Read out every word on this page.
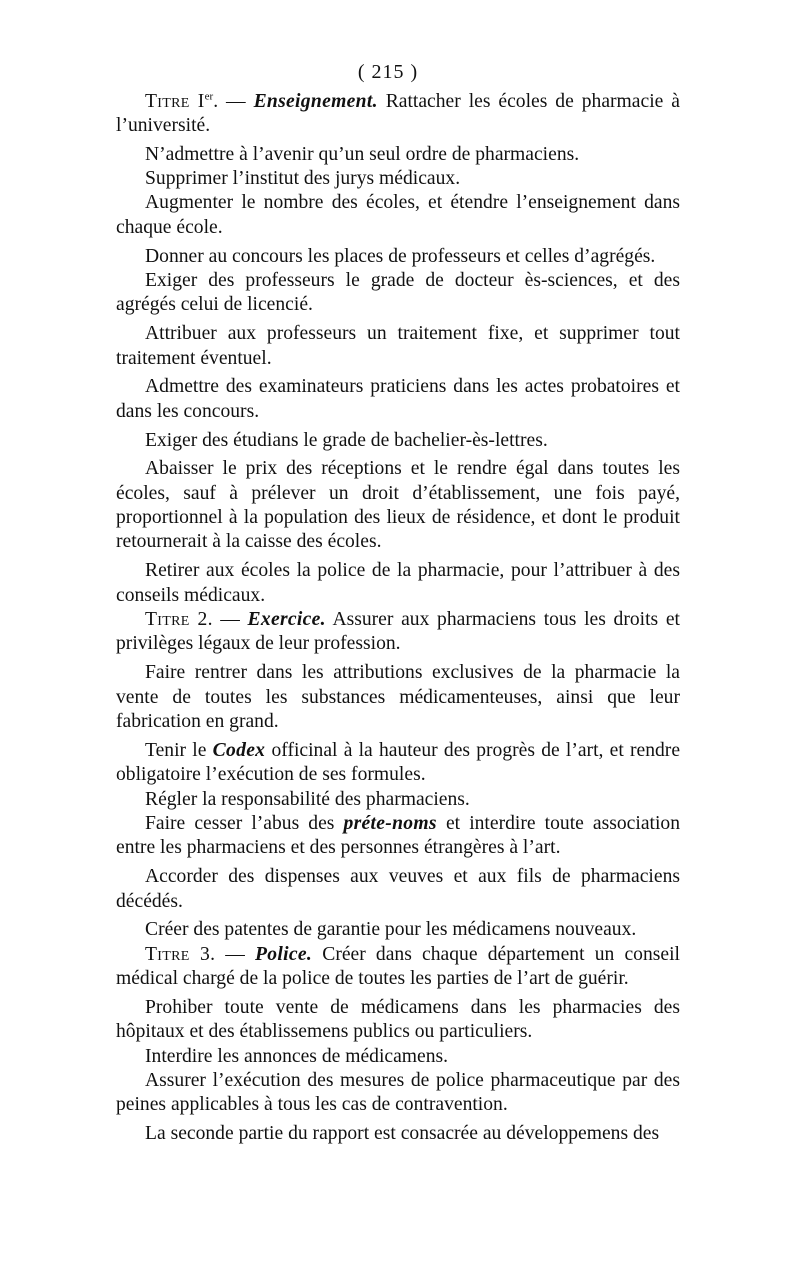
( 215 )

Titre Ier. — Enseignement. Rattacher les écoles de pharmacie à l’université.

N’admettre à l’avenir qu’un seul ordre de pharmaciens.

Supprimer l’institut des jurys médicaux.

Augmenter le nombre des écoles, et étendre l’enseignement dans chaque école.

Donner au concours les places de professeurs et celles d’agrégés.

Exiger des professeurs le grade de docteur ès-sciences, et des agrégés celui de licencié.

Attribuer aux professeurs un traitement fixe, et supprimer tout traitement éventuel.

Admettre des examinateurs praticiens dans les actes probatoires et dans les concours.

Exiger des étudians le grade de bachelier-ès-lettres.

Abaisser le prix des réceptions et le rendre égal dans toutes les écoles, sauf à prélever un droit d’établissement, une fois payé, proportionnel à la population des lieux de résidence, et dont le produit retournerait à la caisse des écoles.

Retirer aux écoles la police de la pharmacie, pour l’attribuer à des conseils médicaux.

Titre 2. — Exercice. Assurer aux pharmaciens tous les droits et privilèges légaux de leur profession.

Faire rentrer dans les attributions exclusives de la pharmacie la vente de toutes les substances médicamenteuses, ainsi que leur fabrication en grand.

Tenir le Codex officinal à la hauteur des progrès de l’art, et rendre obligatoire l’exécution de ses formules.

Régler la responsabilité des pharmaciens.

Faire cesser l’abus des préte-noms et interdire toute association entre les pharmaciens et des personnes étrangères à l’art.

Accorder des dispenses aux veuves et aux fils de pharmaciens décédés.

Créer des patentes de garantie pour les médicamens nouveaux.

Titre 3. — Police. Créer dans chaque département un conseil médical chargé de la police de toutes les parties de l’art de guérir.

Prohiber toute vente de médicamens dans les pharmacies des hôpitaux et des établissemens publics ou particuliers.

Interdire les annonces de médicamens.

Assurer l’exécution des mesures de police pharmaceutique par des peines applicables à tous les cas de contravention.

La seconde partie du rapport est consacrée au développemens des
